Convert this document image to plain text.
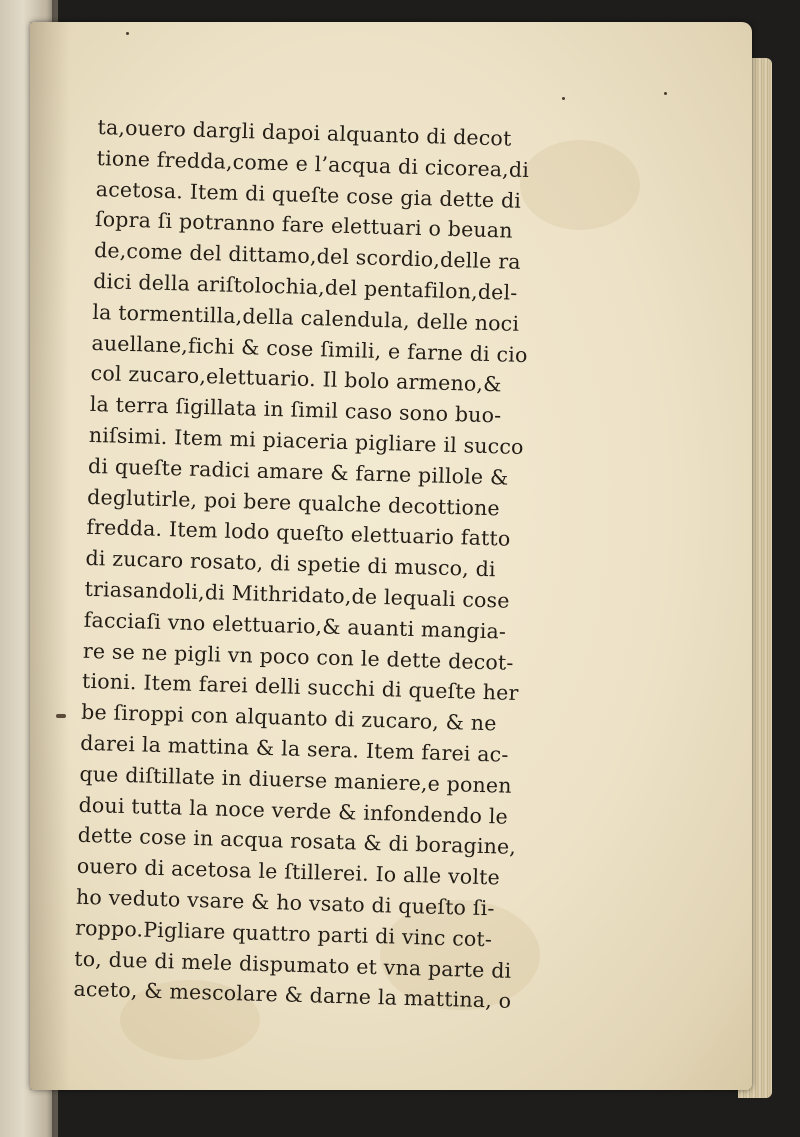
ta,ouero dargli dapoi alquanto di decot
tione fredda,come e l’acqua di cicorea,di
acetosa. Item di queſte cose gia dette di
ſopra ſi potranno fare elettuari o beuan
de,come del dittamo,del scordio,delle ra
dici della ariſtolochia,del pentafilon,del-
la tormentilla,della calendula, delle noci
auellane,fichi & cose ſimili, e farne di cio
col zucaro,elettuario. Il bolo armeno,&
la terra ſigillata in ſimil caso sono buo-
niſsimi. Item mi piaceria pigliare il succo
di queſte radici amare & farne pillole &
deglutirle, poi bere qualche decottione
fredda. Item lodo queſto elettuario fatto
di zucaro rosato, di spetie di musco, di
triasandoli,di Mithridato,de lequali cose
facciaſi vno elettuario,& auanti mangia-
re se ne pigli vn poco con le dette decot-
tioni. Item farei delli succhi di queſte her
be ſiroppi con alquanto di zucaro, & ne
darei la mattina & la sera. Item farei ac-
que diſtillate in diuerse maniere,e ponen
doui tutta la noce verde & infondendo le
dette cose in acqua rosata & di boragine,
ouero di acetosa le ſtillerei. Io alle volte
ho veduto vsare & ho vsato di queſto ſi-
roppo.Pigliare quattro parti di vinc cot-
to, due di mele dispumato et vna parte di
aceto, & mescolare & darne la mattina, o
